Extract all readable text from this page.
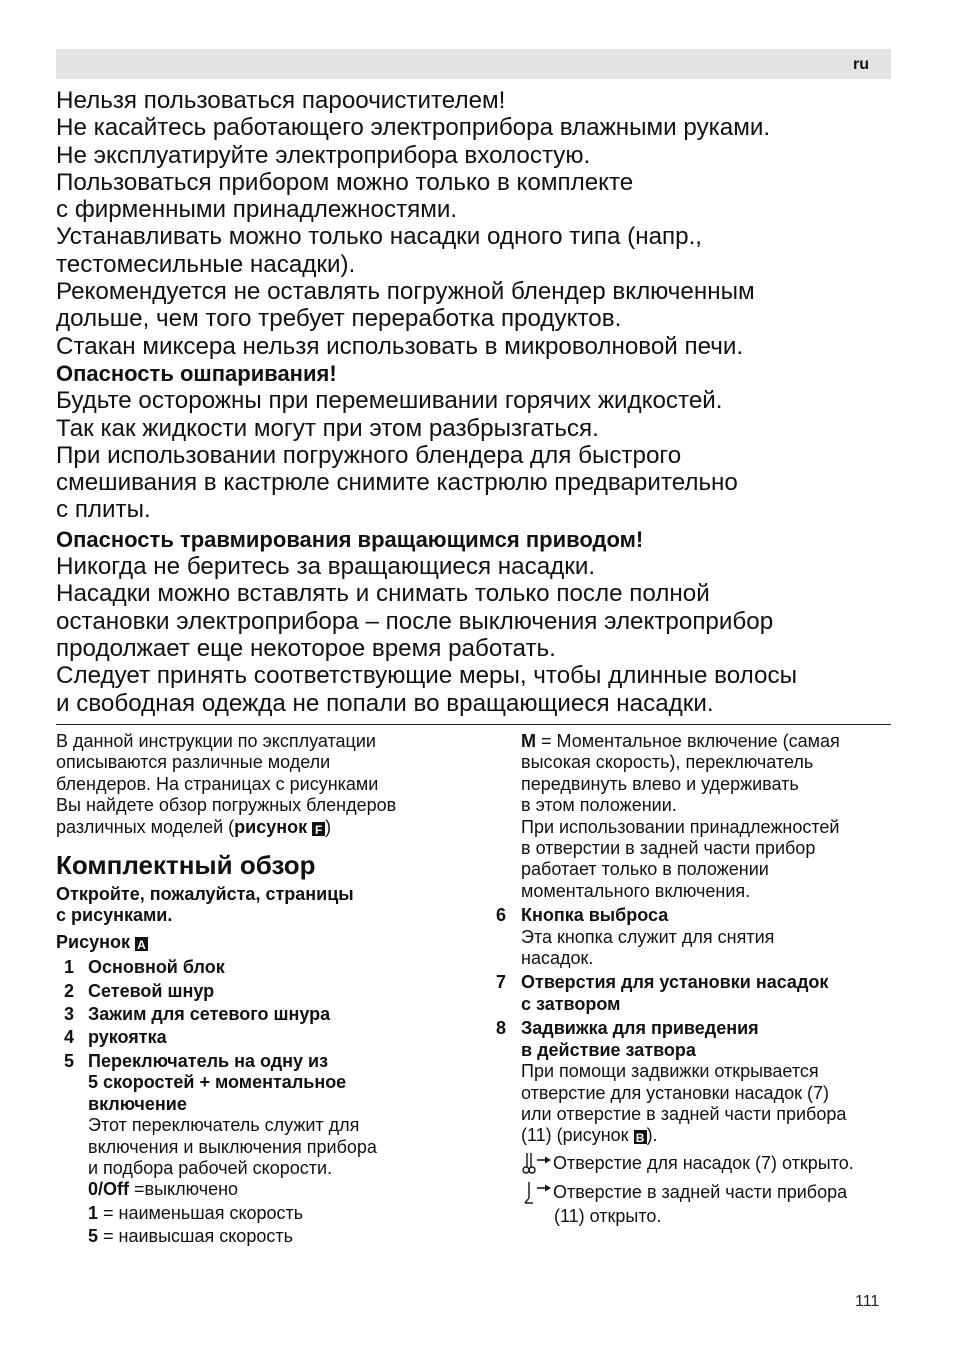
ru

Нельзя пользоваться пароочистителем!

Не касайтесь работающего электроприбора влажными руками.

Не эксплуатируйте электроприбора вхолостую.

Пользоваться прибором можно только в комплекте

с фирменными принадлежностями.

Устанавливать можно только насадки одного типа (напр.,

тестомесильные насадки).

Рекомендуется не оставлять погружной блендер включенным

дольше, чем того требует переработка продуктов.

Стакан миксера нельзя использовать в микроволновой печи.

Опасность ошпаривания!

Будьте осторожны при перемешивании горячих жидкостей.

Так как жидкости могут при этом разбрызгаться.

При использовании погружного блендера для быстрого

смешивания в кастрюле снимите кастрюлю предварительно

с плиты.

Опасность травмирования вращающимся приводом!

Никогда не беритесь за вращающиеся насадки.

Насадки можно вставлять и снимать только после полной

остановки электроприбора – после выключения электроприбор

продолжает еще некоторое время работать.

Следует принять соответствующие меры, чтобы длинные волосы

и свободная одежда не попали во вращающиеся насадки.

В данной инструкции по эксплуатации

описываются различные модели

блендеров. На страницах с рисунками

Вы найдете обзор погружных блендеров

различных моделей (рисунок F )

Комплектный обзор

Откройте, пожалуйста, страницы

с рисунками.

Рисунок A

1 Основной блок
2 Сетевой шнур
3 Зажим для сетевого шнура
4 рукоятка
5 Переключатель на одну из

5 скоростей + моментальное

включение

Этот переключатель служит для

включения и выключения прибора

и подбора рабочей скорости.

0/Off =выключено

1 = наименьшая скорость

5 = наивысшая скорость

M = Моментальное включение (самая

высокая скорость), переключатель

передвинуть влево и удерживать

в этом положении.

При использовании принадлежностей

в отверстии в задней части прибор

работает только в положении

моментального включения.

6 Кнопка выброса

Эта кнопка служит для снятия

насадок.

7 Отверстия для установки насадок

с затвором

8 Задвижка для приведения

в действие затвора

При помощи задвижки открывается

отверстие для установки насадок (7)

или отверстие в задней части прибора

(11) (рисунок B ).

Отверстие для насадок (7) открыто.

Отверстие в задней части прибора

(11) открыто.

111
